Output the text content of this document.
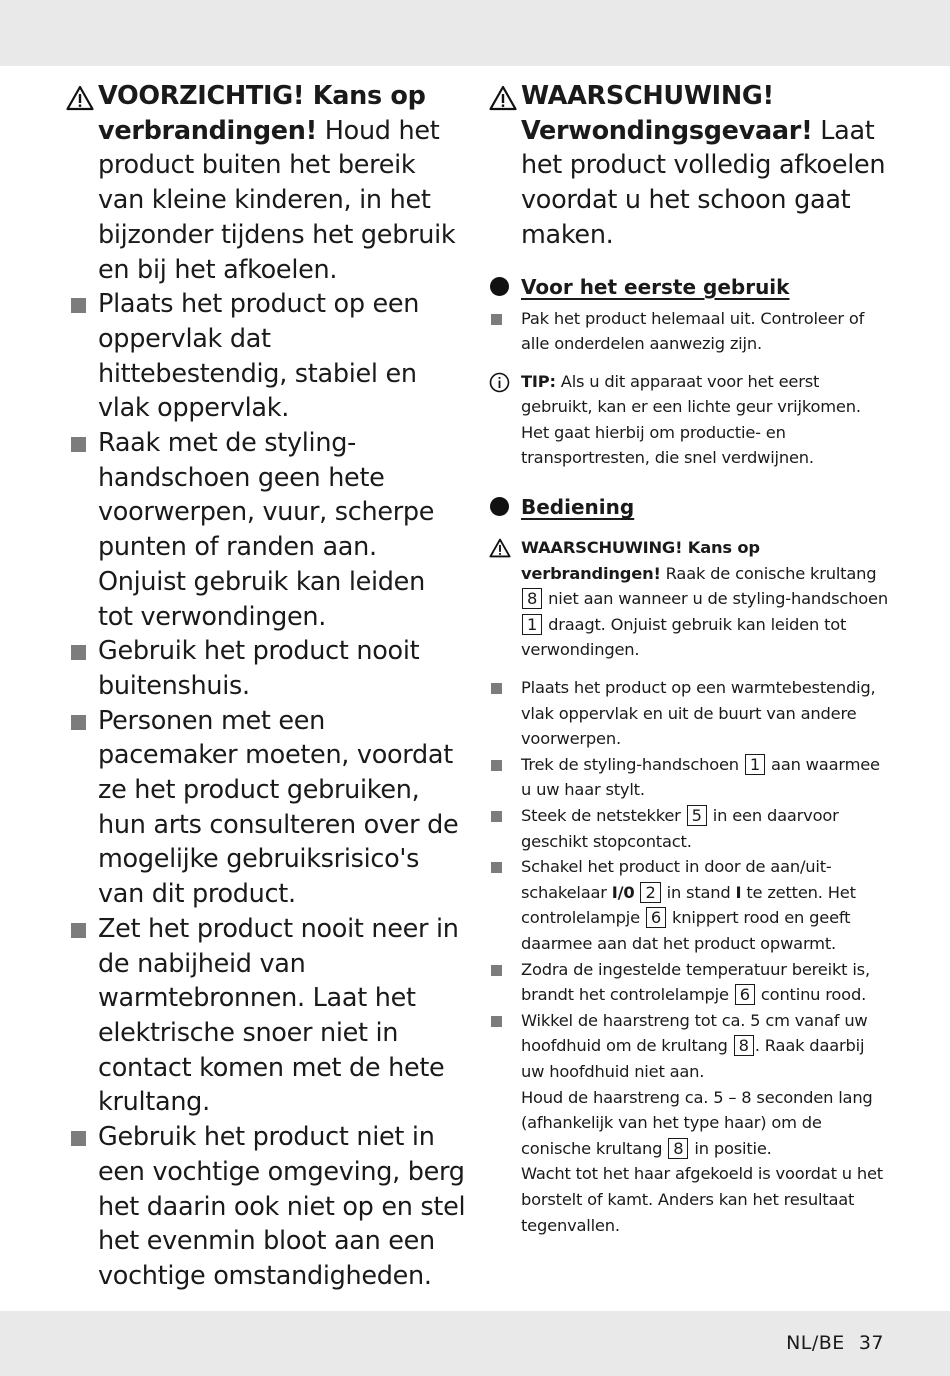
VOORZICHTIG! Kans op verbrandingen! Houd het product buiten het bereik van kleine kinderen, in het bijzonder tijdens het gebruik en bij het afkoelen.
Plaats het product op een oppervlak dat hittebestendig, stabiel en vlak oppervlak.
Raak met de styling-handschoen geen hete voorwerpen, vuur, scherpe punten of randen aan.
Onjuist gebruik kan leiden tot verwondingen.
Gebruik het product nooit buitenshuis.
Personen met een pacemaker moeten, voordat ze het product gebruiken, hun arts consulteren over de mogelijke gebruiksrisico's van dit product.
Zet het product nooit neer in de nabijheid van warmtebronnen. Laat het elektrische snoer niet in contact komen met de hete krultang.
Gebruik het product niet in een vochtige omgeving, berg het daarin ook niet op en stel het evenmin bloot aan een vochtige omstandigheden.
WAARSCHUWING! Verwondingsgevaar! Laat het product volledig afkoelen voordat u het schoon gaat maken.
Voor het eerste gebruik
Pak het product helemaal uit. Controleer of alle onderdelen aanwezig zijn.
TIP: Als u dit apparaat voor het eerst gebruikt, kan er een lichte geur vrijkomen. Het gaat hierbij om productie- en transportresten, die snel verdwijnen.
Bediening
WAARSCHUWING! Kans op verbrandingen! Raak de conische krultang 8 niet aan wanneer u de styling-handschoen 1 draagt. Onjuist gebruik kan leiden tot verwondingen.
Plaats het product op een warmtebestendig, vlak oppervlak en uit de buurt van andere voorwerpen.
Trek de styling-handschoen 1 aan waarmee u uw haar stylt.
Steek de netstekker 5 in een daarvoor geschikt stopcontact.
Schakel het product in door de aan/uit-schakelaar I/0 2 in stand I te zetten. Het controlelampje 6 knippert rood en geeft daarmee aan dat het product opwarmt.
Zodra de ingestelde temperatuur bereikt is, brandt het controlelampje 6 continu rood.
Wikkel de haarstreng tot ca. 5 cm vanaf uw hoofdhuid om de krultang 8 . Raak daarbij uw hoofdhuid niet aan.
Houd de haarstreng ca. 5 – 8 seconden lang (afhankelijk van het type haar) om de conische krultang 8 in positie.
Wacht tot het haar afgekoeld is voordat u het borstelt of kamt. Anders kan het resultaat tegenvallen.
NL/BE 37
